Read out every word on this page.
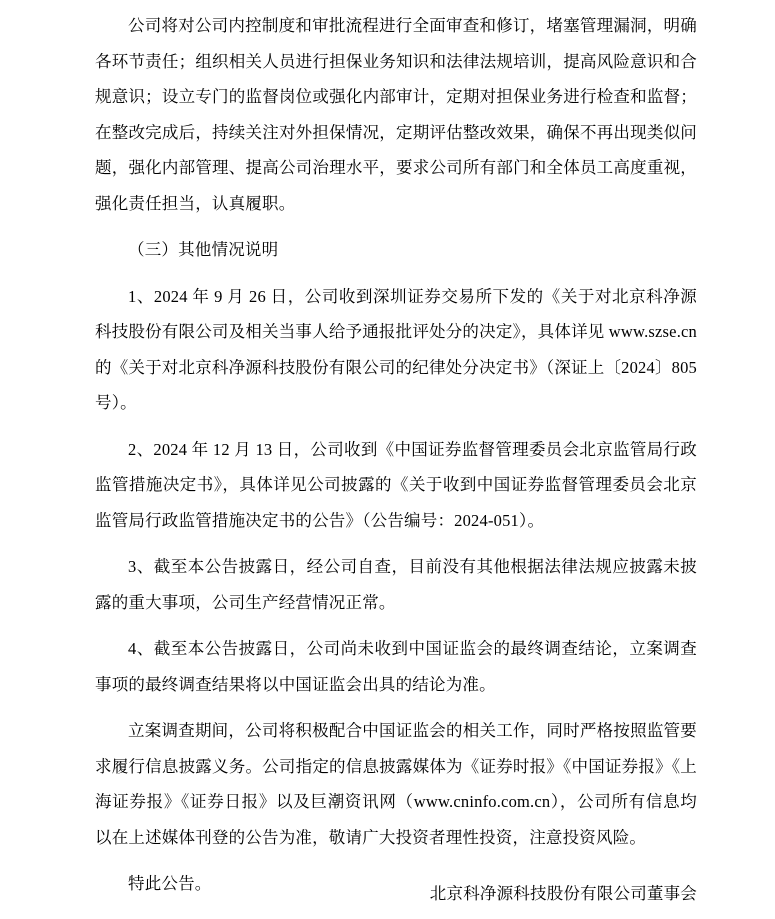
公司将对公司内控制度和审批流程进行全面审查和修订，堵塞管理漏洞，明确各环节责任；组织相关人员进行担保业务知识和法律法规培训，提高风险意识和合规意识；设立专门的监督岗位或强化内部审计，定期对担保业务进行检查和监督；在整改完成后，持续关注对外担保情况，定期评估整改效果，确保不再出现类似问题，强化内部管理、提高公司治理水平，要求公司所有部门和全体员工高度重视，强化责任担当，认真履职。

（三）其他情况说明

1、2024 年 9 月 26 日，公司收到深圳证券交易所下发的《关于对北京科净源科技股份有限公司及相关当事人给予通报批评处分的决定》，具体详见 www.szse.cn 的《关于对北京科净源科技股份有限公司的纪律处分决定书》（深证上〔2024〕805 号）。

2、2024 年 12 月 13 日，公司收到《中国证券监督管理委员会北京监管局行政监管措施决定书》，具体详见公司披露的《关于收到中国证券监督管理委员会北京监管局行政监管措施决定书的公告》（公告编号：2024-051）。

3、截至本公告披露日，经公司自查，目前没有其他根据法律法规应披露未披露的重大事项，公司生产经营情况正常。

4、截至本公告披露日，公司尚未收到中国证监会的最终调查结论，立案调查事项的最终调查结果将以中国证监会出具的结论为准。

立案调查期间，公司将积极配合中国证监会的相关工作，同时严格按照监管要求履行信息披露义务。公司指定的信息披露媒体为《证券时报》《中国证券报》《上海证券报》《证券日报》以及巨潮资讯网（www.cninfo.com.cn），公司所有信息均以在上述媒体刊登的公告为准，敬请广大投资者理性投资，注意投资风险。

特此公告。

北京科净源科技股份有限公司董事会
